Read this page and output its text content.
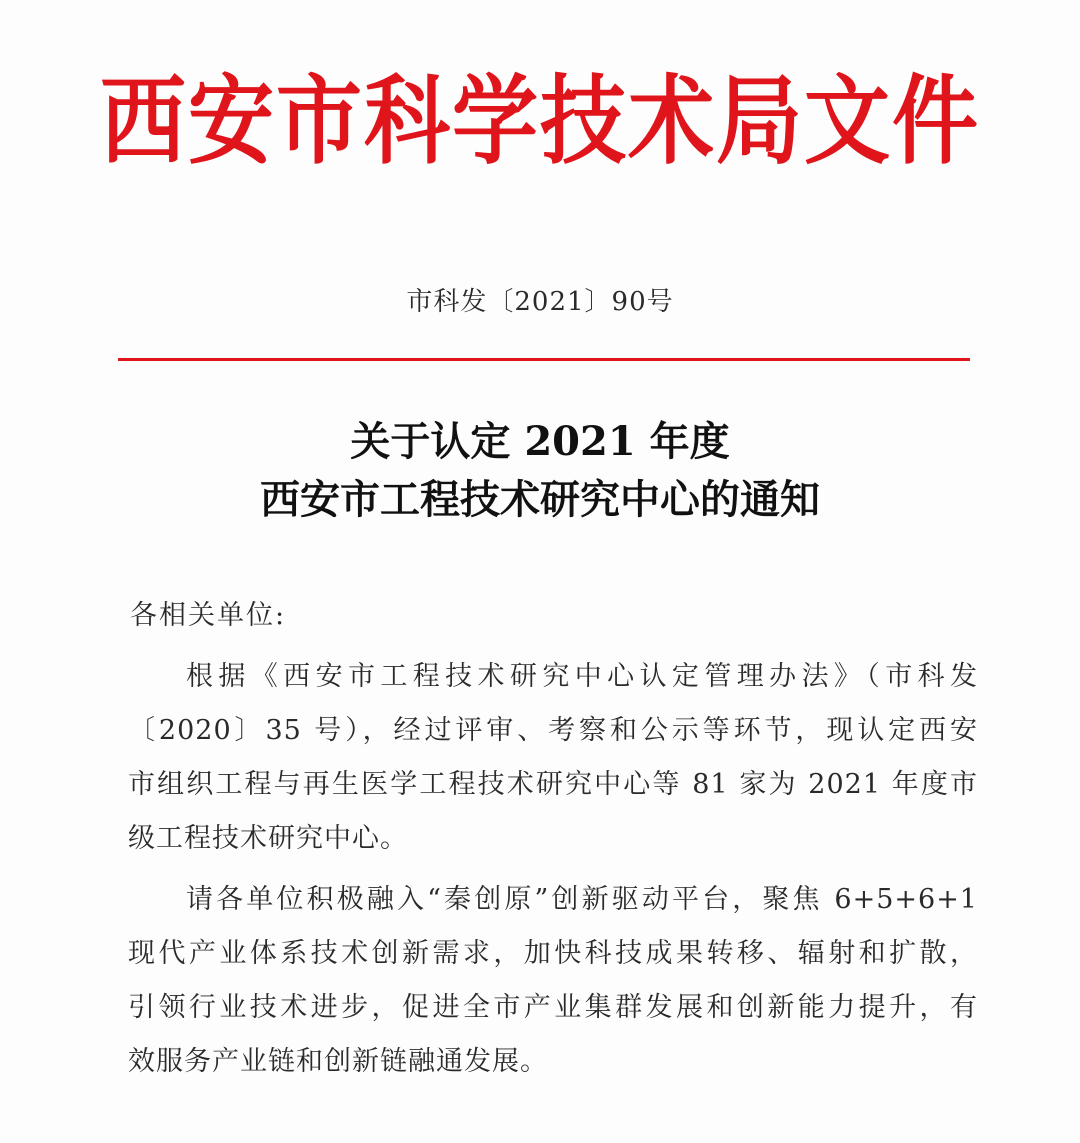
西安市科学技术局文件
市科发〔2021〕90号
关于认定 2021 年度
西安市工程技术研究中心的通知
各相关单位:
根据《西安市工程技术研究中心认定管理办法》（市科发
〔2020〕35 号），经过评审、考察和公示等环节，现认定西安
市组织工程与再生医学工程技术研究中心等 81 家为 2021 年度市
级工程技术研究中心。
请各单位积极融入“秦创原”创新驱动平台，聚焦 6+5+6+1
现代产业体系技术创新需求，加快科技成果转移、辐射和扩散，
引领行业技术进步，促进全市产业集群发展和创新能力提升，有
效服务产业链和创新链融通发展。
